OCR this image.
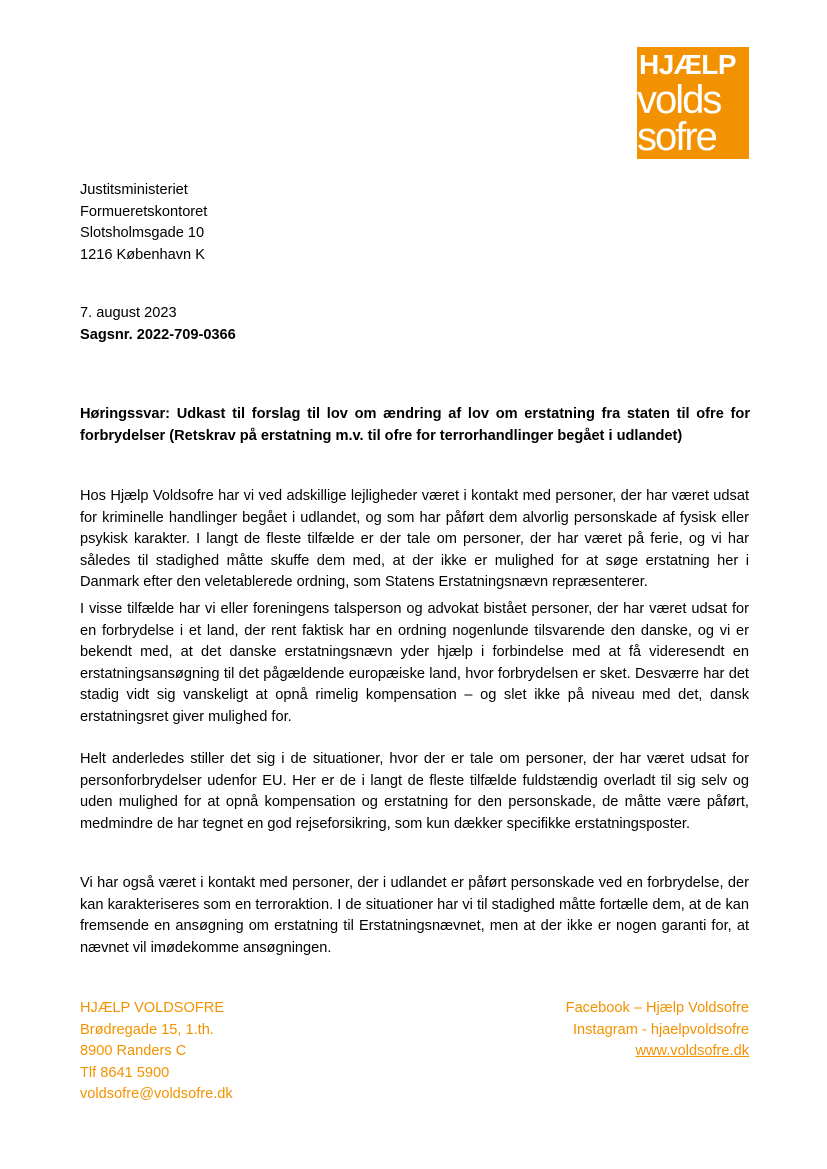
HJÆLP
volds
sofre
Justitsministeriet
Formueretskontoret
Slotsholmsgade 10
1216 København K
7. august 2023
Sagsnr. 2022-709-0366
Høringssvar: Udkast til forslag til lov om ændring af lov om erstatning fra staten til ofre for forbrydelser (Retskrav på erstatning m.v. til ofre for terrorhandlinger begået i udlandet)
Hos Hjælp Voldsofre har vi ved adskillige lejligheder været i kontakt med personer, der har været udsat for kriminelle handlinger begået i udlandet, og som har påført dem alvorlig personskade af fysisk eller psykisk karakter. I langt de fleste tilfælde er der tale om personer, der har været på ferie, og vi har således til stadighed måtte skuffe dem med, at der ikke er mulighed for at søge erstatning her i Danmark efter den veletablerede ordning, som Statens Erstatningsnævn repræsenterer.
I visse tilfælde har vi eller foreningens talsperson og advokat bistået personer, der har været udsat for en forbrydelse i et land, der rent faktisk har en ordning nogenlunde tilsvarende den danske, og vi er bekendt med, at det danske erstatningsnævn yder hjælp i forbindelse med at få videresendt en erstatningsansøgning til det pågældende europæiske land, hvor forbrydelsen er sket. Desværre har det stadig vidt sig vanskeligt at opnå rimelig kompensation – og slet ikke på niveau med det, dansk erstatningsret giver mulighed for.
Helt anderledes stiller det sig i de situationer, hvor der er tale om personer, der har været udsat for personforbrydelser udenfor EU. Her er de i langt de fleste tilfælde fuldstændig overladt til sig selv og uden mulighed for at opnå kompensation og erstatning for den personskade, de måtte være påført, medmindre de har tegnet en god rejseforsikring, som kun dækker specifikke erstatningsposter.
Vi har også været i kontakt med personer, der i udlandet er påført personskade ved en forbrydelse, der kan karakteriseres som en terroraktion. I de situationer har vi til stadighed måtte fortælle dem, at de kan fremsende en ansøgning om erstatning til Erstatningsnævnet, men at der ikke er nogen garanti for, at nævnet vil imødekomme ansøgningen.
HJÆLP VOLDSOFRE
Brødregade 15, 1.th.
8900 Randers C
Tlf 8641 5900
voldsofre@voldsofre.dk
Facebook – Hjælp Voldsofre
Instagram - hjaelpvoldsofre
www.voldsofre.dk
